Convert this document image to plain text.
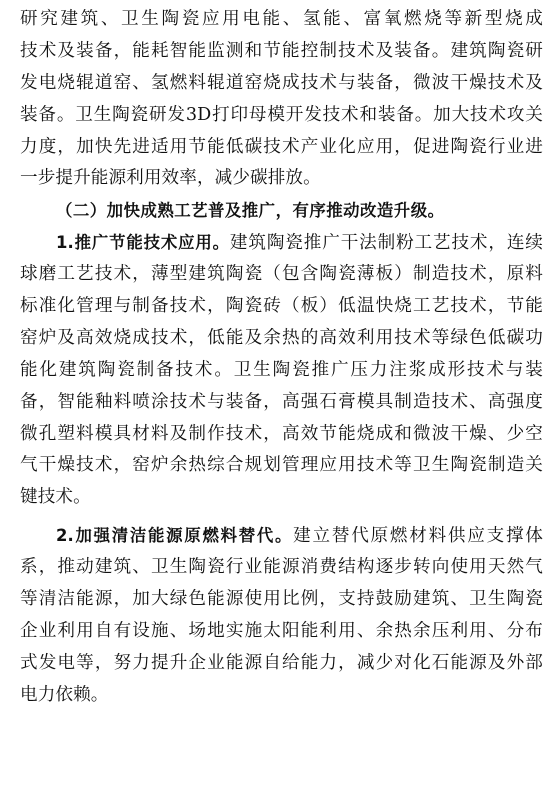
研究建筑、卫生陶瓷应用电能、氢能、富氧燃烧等新型烧成
技术及装备，能耗智能监测和节能控制技术及装备。建筑陶瓷研
发电烧辊道窑、氢燃料辊道窑烧成技术与装备，微波干燥技术及
装备。卫生陶瓷研发3D打印母模开发技术和装备。加大技术攻关
力度，加快先进适用节能低碳技术产业化应用，促进陶瓷行业进
一步提升能源利用效率，减少碳排放。
（二）加快成熟工艺普及推广，有序推动改造升级。
1.推广节能技术应用。建筑陶瓷推广干法制粉工艺技术，连续
球磨工艺技术，薄型建筑陶瓷（包含陶瓷薄板）制造技术，原料
标准化管理与制备技术，陶瓷砖（板）低温快烧工艺技术，节能
窑炉及高效烧成技术，低能及余热的高效利用技术等绿色低碳功
能化建筑陶瓷制备技术。卫生陶瓷推广压力注浆成形技术与装
备，智能釉料喷涂技术与装备，高强石膏模具制造技术、高强度
微孔塑料模具材料及制作技术，高效节能烧成和微波干燥、少空
气干燥技术，窑炉余热综合规划管理应用技术等卫生陶瓷制造关
键技术。
2.加强清洁能源原燃料替代。建立替代原燃材料供应支撑体
系，推动建筑、卫生陶瓷行业能源消费结构逐步转向使用天然气
等清洁能源，加大绿色能源使用比例，支持鼓励建筑、卫生陶瓷
企业利用自有设施、场地实施太阳能利用、余热余压利用、分布
式发电等，努力提升企业能源自给能力，减少对化石能源及外部
电力依赖。
